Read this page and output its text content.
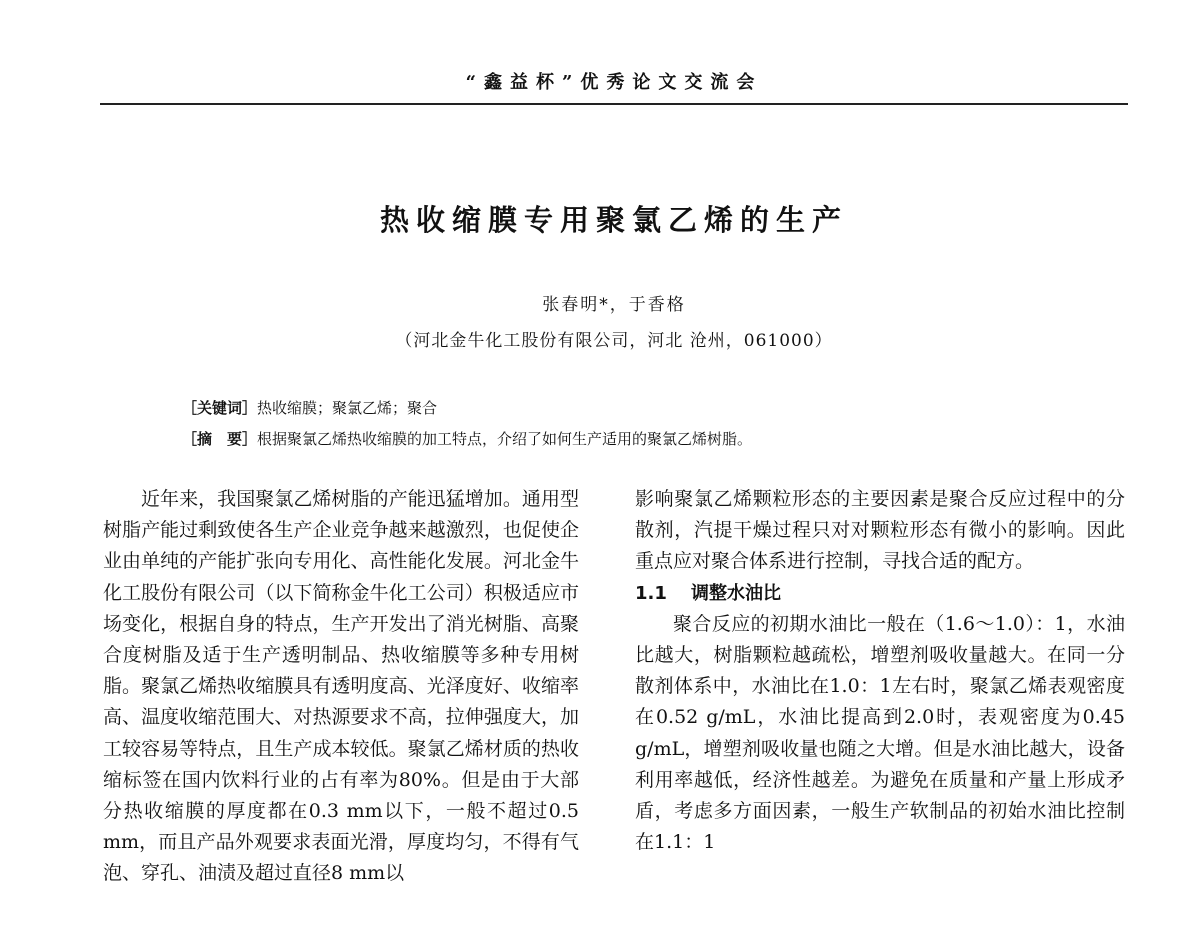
“鑫益杯”优秀论文交流会
热收缩膜专用聚氯乙烯的生产
张春明*，于香格
（河北金牛化工股份有限公司，河北 沧州，061000）
［关键词］热收缩膜；聚氯乙烯；聚合
［摘　要］根据聚氯乙烯热收缩膜的加工特点，介绍了如何生产适用的聚氯乙烯树脂。

近年来，我国聚氯乙烯树脂的产能迅猛增加。通用型树脂产能过剩致使各生产企业竞争越来越激烈，也促使企业由单纯的产能扩张向专用化、高性能化发展。河北金牛化工股份有限公司（以下简称金牛化工公司）积极适应市场变化，根据自身的特点，生产开发出了消光树脂、高聚合度树脂及适于生产透明制品、热收缩膜等多种专用树脂。聚氯乙烯热收缩膜具有透明度高、光泽度好、收缩率高、温度收缩范围大、对热源要求不高，拉伸强度大，加工较容易等特点，且生产成本较低。聚氯乙烯材质的热收缩标签在国内饮料行业的占有率为80%。但是由于大部分热收缩膜的厚度都在0.3 mm以下，一般不超过0.5 mm，而且产品外观要求表面光滑，厚度均匀，不得有气泡、穿孔、油渍及超过直径8 mm以

影响聚氯乙烯颗粒形态的主要因素是聚合反应过程中的分散剂，汽提干燥过程只对对颗粒形态有微小的影响。因此重点应对聚合体系进行控制，寻找合适的配方。

1.1 调整水油比

聚合反应的初期水油比一般在（1.6～1.0）：1，水油比越大，树脂颗粒越疏松，增塑剂吸收量越大。在同一分散剂体系中，水油比在1.0：1左右时，聚氯乙烯表观密度在0.52 g/mL，水油比提高到2.0时，表观密度为0.45 g/mL，增塑剂吸收量也随之大增。但是水油比越大，设备利用率越低，经济性越差。为避免在质量和产量上形成矛盾，考虑多方面因素，一般生产软制品的初始水油比控制在1.1：1
